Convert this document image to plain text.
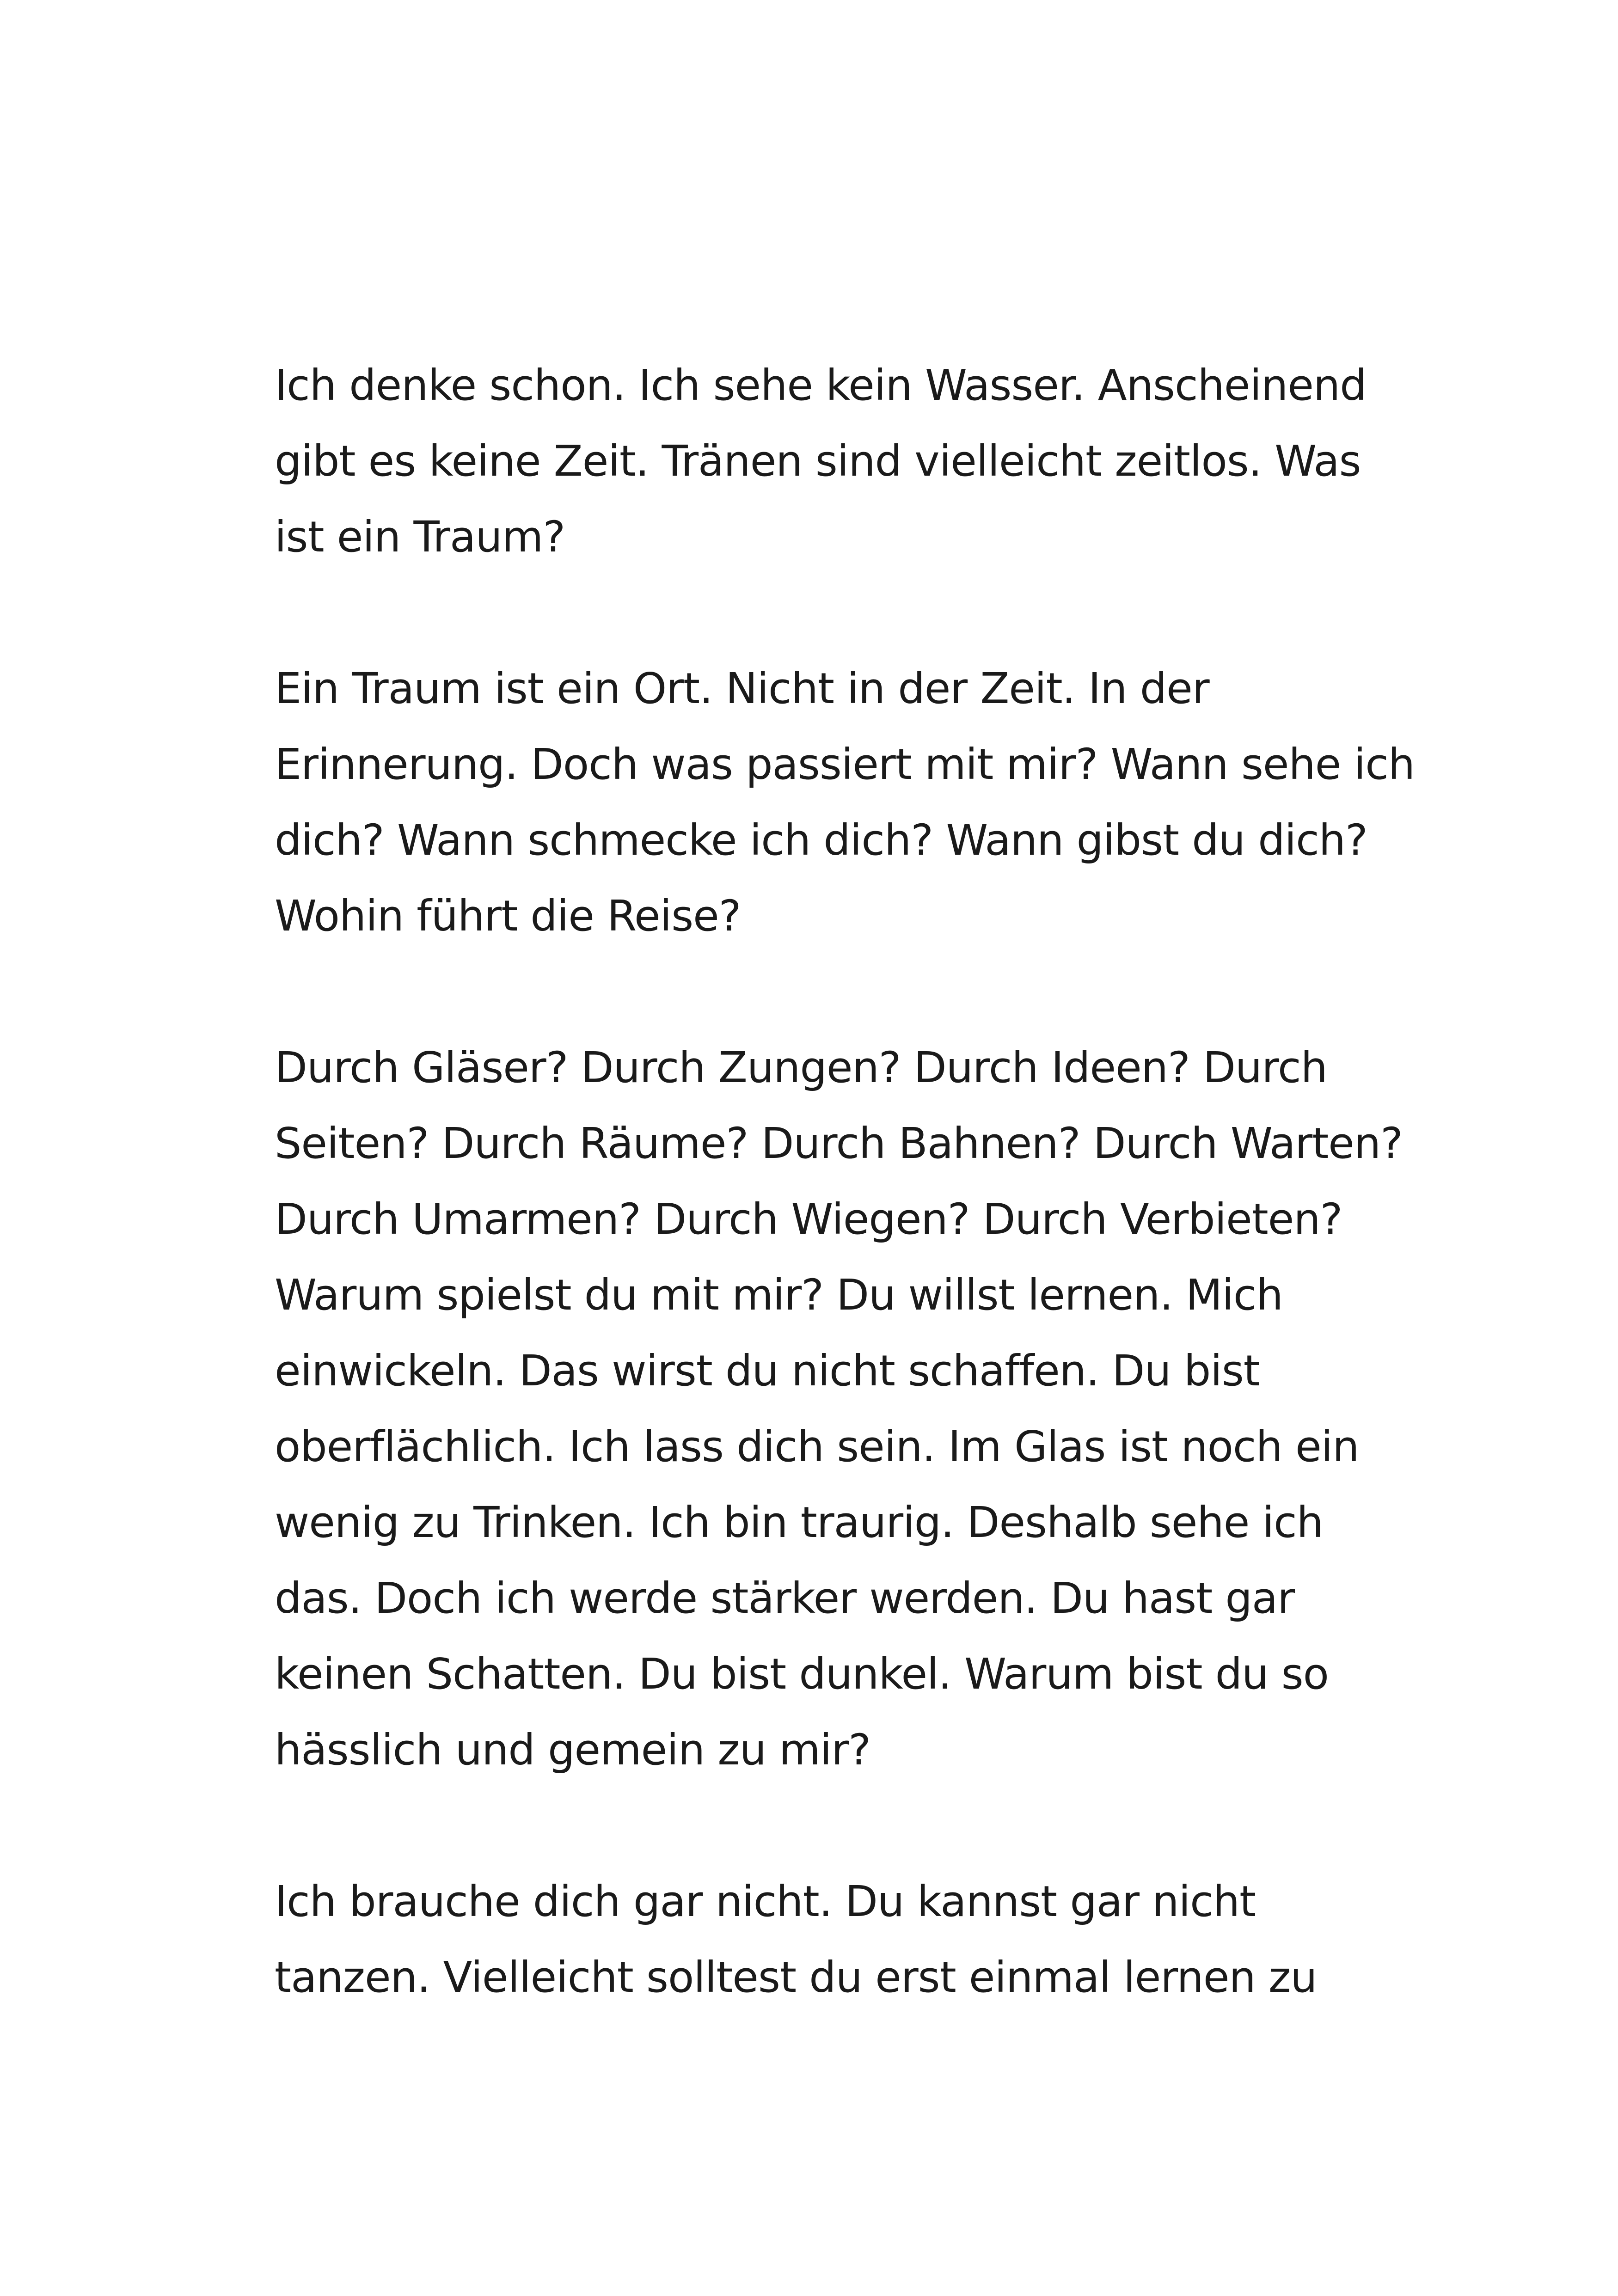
Ich denke schon. Ich sehe kein Wasser. Anscheinend
gibt es keine Zeit. Tränen sind vielleicht zeitlos. Was
ist ein Traum?

Ein Traum ist ein Ort. Nicht in der Zeit. In der
Erinnerung. Doch was passiert mit mir? Wann sehe ich
dich? Wann schmecke ich dich? Wann gibst du dich?
Wohin führt die Reise?

Durch Gläser? Durch Zungen? Durch Ideen? Durch
Seiten? Durch Räume? Durch Bahnen? Durch Warten?
Durch Umarmen? Durch Wiegen? Durch Verbieten?
Warum spielst du mit mir? Du willst lernen. Mich
einwickeln. Das wirst du nicht schaffen. Du bist
oberflächlich. Ich lass dich sein. Im Glas ist noch ein
wenig zu Trinken. Ich bin traurig. Deshalb sehe ich
das. Doch ich werde stärker werden. Du hast gar
keinen Schatten. Du bist dunkel. Warum bist du so
hässlich und gemein zu mir?

Ich brauche dich gar nicht. Du kannst gar nicht
tanzen. Vielleicht solltest du erst einmal lernen zu
